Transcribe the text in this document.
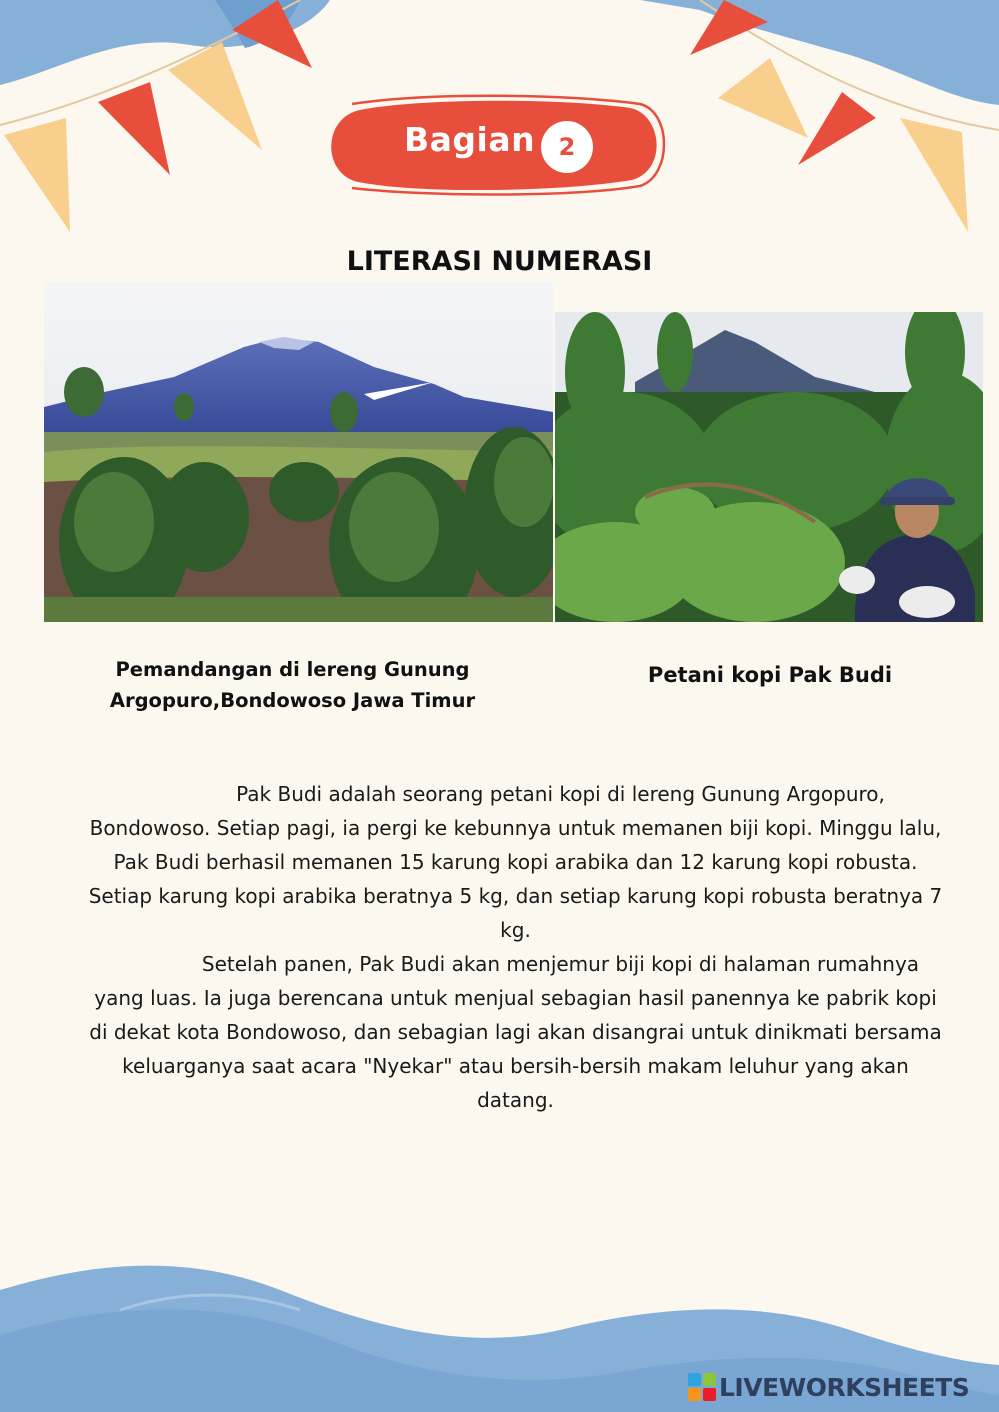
Bagian 2
LITERASI NUMERASI
Pemandangan di lereng Gunung Argopuro,Bondowoso Jawa Timur
Petani kopi Pak Budi

Pak Budi adalah seorang petani kopi di lereng Gunung Argopuro, Bondowoso. Setiap pagi, ia pergi ke kebunnya untuk memanen biji kopi. Minggu lalu, Pak Budi berhasil memanen 15 karung kopi arabika dan 12 karung kopi robusta. Setiap karung kopi arabika beratnya 5 kg, dan setiap karung kopi robusta beratnya 7 kg.

Setelah panen, Pak Budi akan menjemur biji kopi di halaman rumahnya yang luas. Ia juga berencana untuk menjual sebagian hasil panennya ke pabrik kopi di dekat kota Bondowoso, dan sebagian lagi akan disangrai untuk dinikmati bersama keluarganya saat acara "Nyekar" atau bersih-bersih makam leluhur yang akan datang.

LIVEWORKSHEETS
